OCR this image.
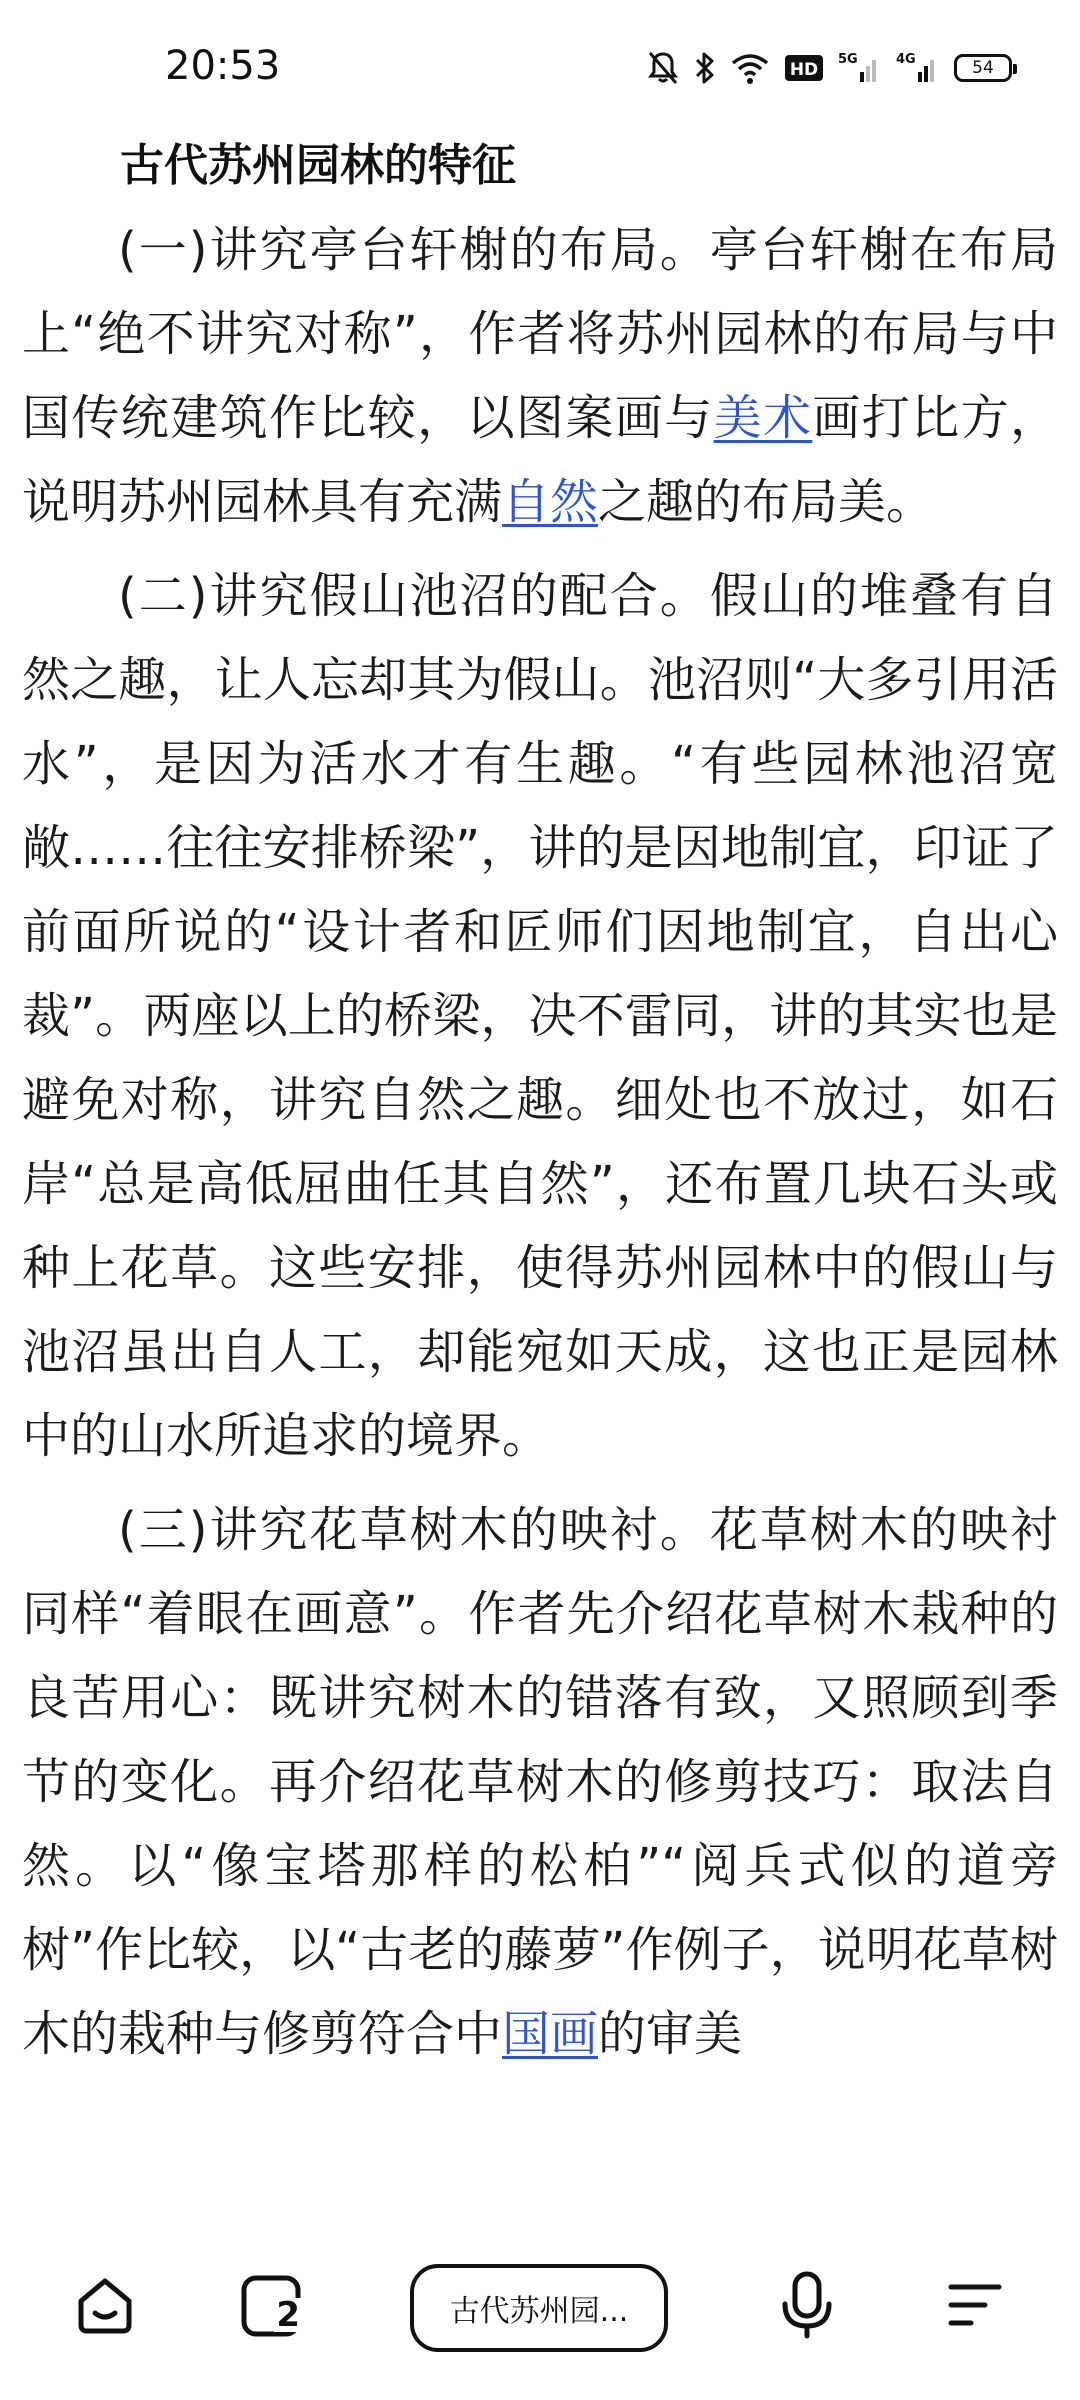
20:53	HD
5G	4G	54
古代苏州园林的特征

(一)讲究亭台轩榭的布局。亭台轩榭在布局上“绝不讲究对称”，作者将苏州园林的布局与中国传统建筑作比较，以图案画与美术画打比方，说明苏州园林具有充满自然之趣的布局美。

(二)讲究假山池沼的配合。假山的堆叠有自然之趣，让人忘却其为假山。池沼则“大多引用活水”，是因为活水才有生趣。“有些园林池沼宽敞……往往安排桥梁”，讲的是因地制宜，印证了前面所说的“设计者和匠师们因地制宜，自出心裁”。两座以上的桥梁，决不雷同，讲的其实也是避免对称，讲究自然之趣。细处也不放过，如石岸“总是高低屈曲任其自然”，还布置几块石头或种上花草。这些安排，使得苏州园林中的假山与池沼虽出自人工，却能宛如天成，这也正是园林中的山水所追求的境界。

(三)讲究花草树木的映衬。花草树木的映衬同样“着眼在画意”。作者先介绍花草树木栽种的良苦用心：既讲究树木的错落有致，又照顾到季节的变化。再介绍花草树木的修剪技巧：取法自然。以“像宝塔那样的松柏”“阅兵式似的道旁树”作比较，以“古老的藤萝”作例子，说明花草树木的栽种与修剪符合中国画的审美

2	古代苏州园...
